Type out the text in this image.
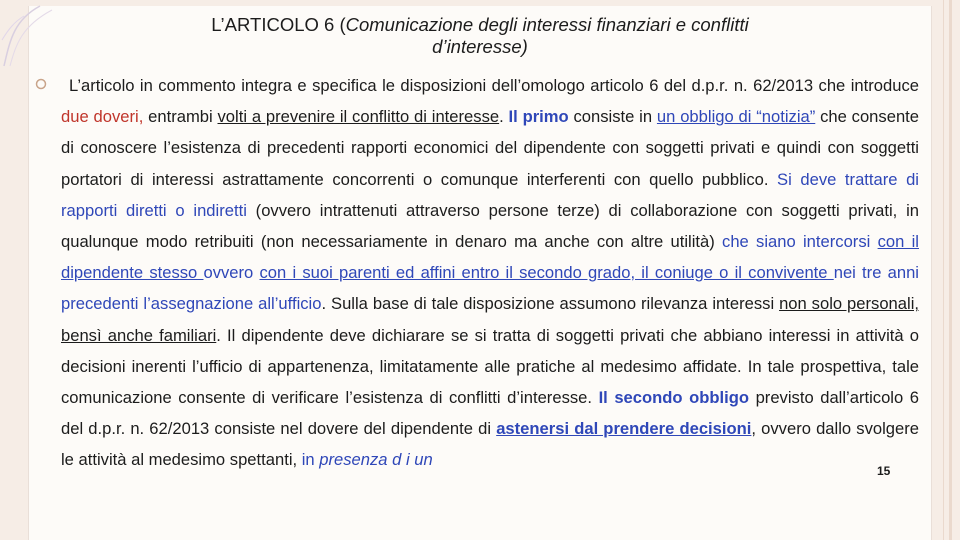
L’ARTICOLO 6 (Comunicazione degli interessi finanziari e conflitti
d’interesse)
L’articolo in commento integra e specifica le disposizioni dell’omologo articolo 6 del d.p.r. n. 62/2013 che introduce due doveri, entrambi volti a prevenire il conflitto di interesse. Il primo consiste in un obbligo di “notizia” che consente di conoscere l’esistenza di precedenti rapporti economici del dipendente con soggetti privati e quindi con soggetti portatori di interessi astrattamente concorrenti o comunque interferenti con quello pubblico. Si deve trattare di rapporti diretti o indiretti (ovvero intrattenuti attraverso persone terze) di collaborazione con soggetti privati, in qualunque modo retribuiti (non necessariamente in denaro ma anche con altre utilità) che siano intercorsi con il dipendente stesso ovvero con i suoi parenti ed affini entro il secondo grado, il coniuge o il convivente nei tre anni precedenti l’assegnazione all’ufficio. Sulla base di tale disposizione assumono rilevanza interessi non solo personali, bensì anche familiari. Il dipendente deve dichiarare se si tratta di soggetti privati che abbiano interessi in attività o decisioni inerenti l’ufficio di appartenenza, limitatamente alle pratiche al medesimo affidate. In tale prospettiva, tale comunicazione consente di verificare l’esistenza di conflitti d’interesse. Il secondo obbligo previsto dall’articolo 6 del d.p.r. n. 62/2013 consiste nel dovere del dipendente di astenersi dal prendere decisioni, ovvero dallo svolgere le attività al medesimo spettanti, in presenza d i un
15
